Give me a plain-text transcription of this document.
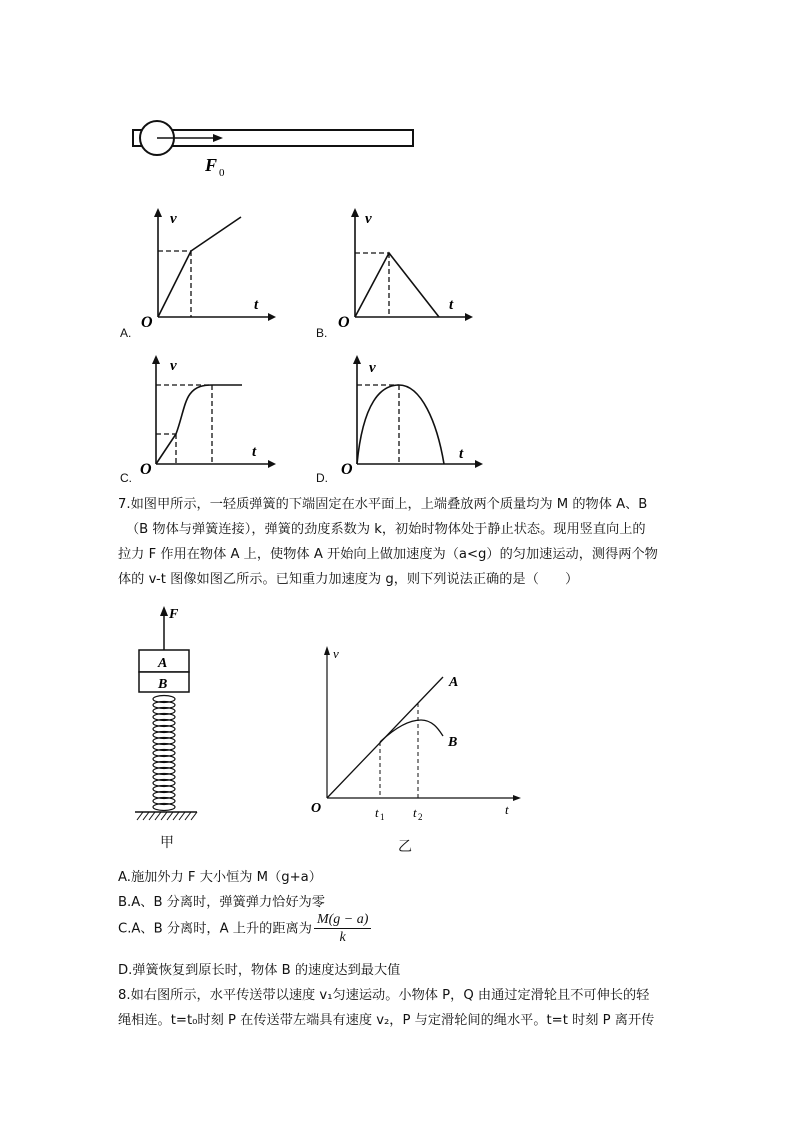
F 0
v
t
O
A.
v
t
O
B.
v
t
O
C.
v
t
O
D.
7.如图甲所示，一轻质弹簧的下端固定在水平面上，上端叠放两个质量均为 M 的物体 A、B
（B 物体与弹簧连接），弹簧的劲度系数为 k，初始时物体处于静止状态。现用竖直向上的
拉力 F 作用在物体 A 上，使物体 A 开始向上做加速度为（a<g）的匀加速运动，测得两个物
体的 v-t 图像如图乙所示。已知重力加速度为 g，则下列说法正确的是（　　）
F
A
B
甲
v
t
O
A
B
t 1 t 2
乙
A.施加外力 F 大小恒为 M（g+a）
B.A、B 分离时，弹簧弹力恰好为零
C.A、B 分离时，A 上升的距离为 $\frac{M(g - a)}{k}$
D.弹簧恢复到原长时，物体 B 的速度达到最大值
8.如右图所示，水平传送带以速度 v₁匀速运动。小物体 P，Q 由通过定滑轮且不可伸长的轻
绳相连。t=t₀时刻 P 在传送带左端具有速度 v₂，P 与定滑轮间的绳水平。t=t 时刻 P 离开传
